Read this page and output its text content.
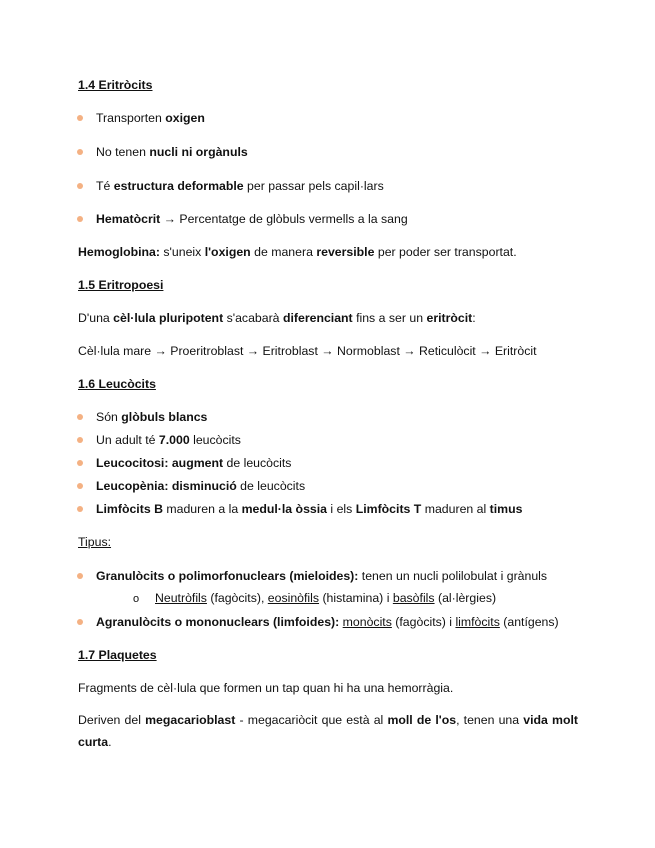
1.4 Eritròcits
Transporten oxigen
No tenen nucli ni orgànuls
Té estructura deformable per passar pels capil·lars
Hematòcrit → Percentatge de glòbuls vermells a la sang
Hemoglobina: s'uneix l'oxigen de manera reversible per poder ser transportat.
1.5 Eritropoesi
D'una cèl·lula pluripotent s'acabarà diferenciant fins a ser un eritròcit:
Cèl·lula mare → Proeritroblast → Eritroblast → Normoblast → Reticulòcit → Eritròcit
1.6 Leucòcits
Són glòbuls blancs
Un adult té 7.000 leucòcits
Leucocitosi: augment de leucòcits
Leucopènia: disminució de leucòcits
Limfòcits B maduren a la medul·la òssia i els Limfòcits T maduren al timus
Tipus:
Granulòcits o polimorfonuclears (mieloides): tenen un nucli polilobulat i grànuls
o Neutròfils (fagòcits), eosinòfils (histamina) i basòfils (al·lèrgies)
Agranulòcits o mononuclears (limfoides): monòcits (fagòcits) i limfòcits (antígens)
1.7 Plaquetes
Fragments de cèl·lula que formen un tap quan hi ha una hemorràgia.
Deriven del megacarioblast - megacariòcit que està al moll de l'os, tenen una vida molt curta.
